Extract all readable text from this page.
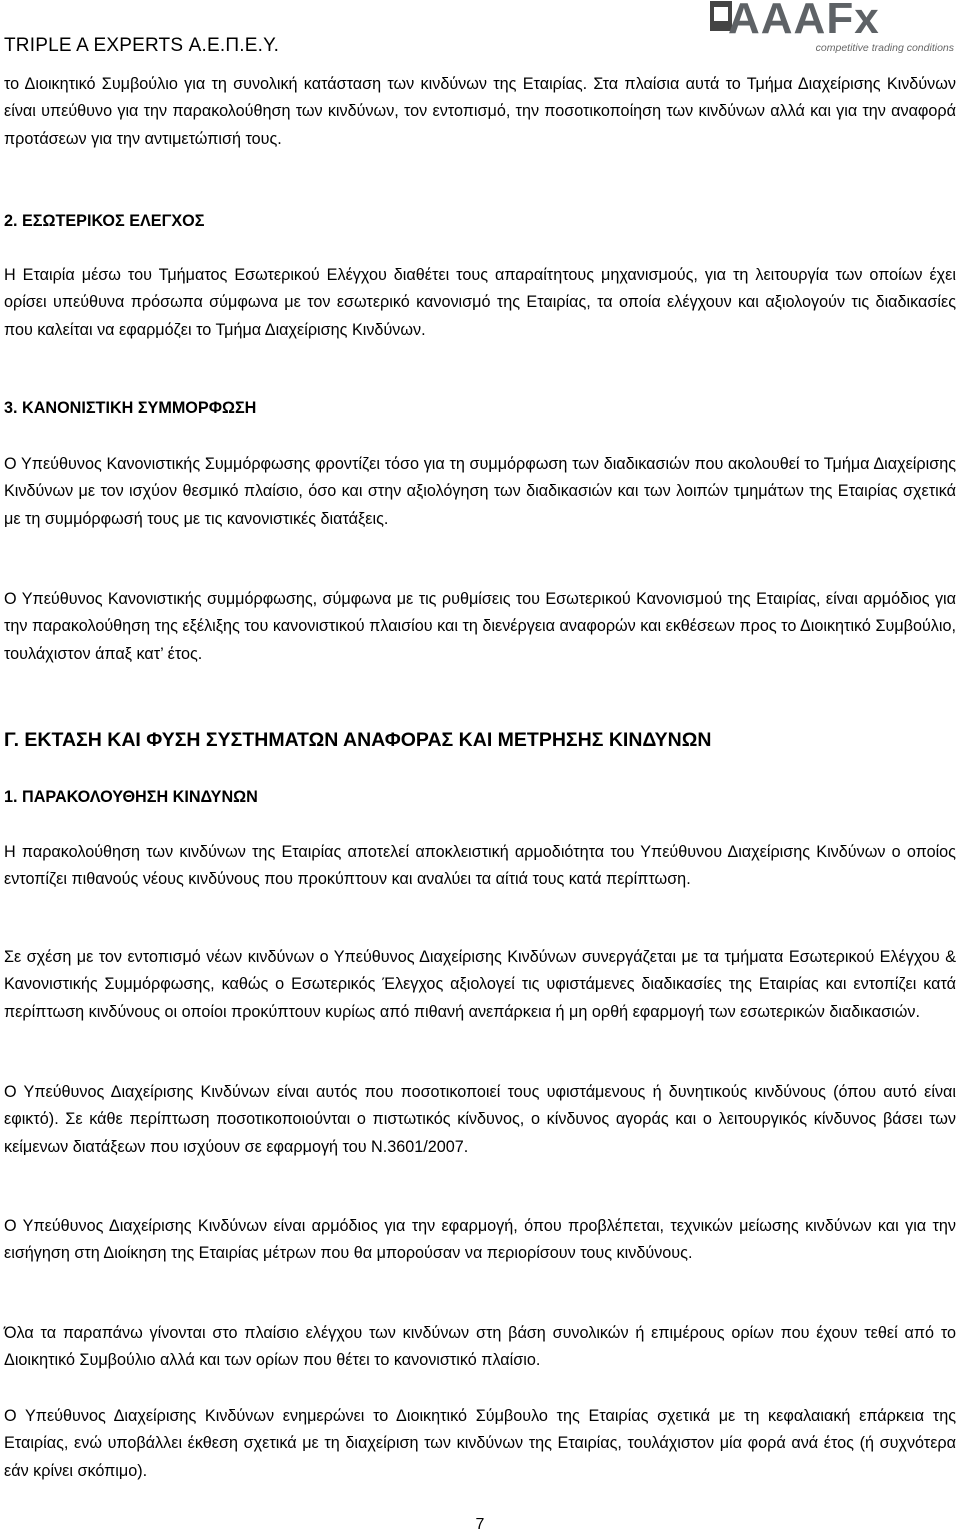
TRIPLE A EXPERTS Α.Ε.Π.Ε.Υ.
AAAFx
competitive trading conditions
το Διοικητικό Συμβούλιο για τη συνολική κατάσταση των κινδύνων της Εταιρίας. Στα πλαίσια αυτά το Τμήμα Διαχείρισης Κινδύνων είναι υπεύθυνο για την παρακολούθηση των κινδύνων, τον εντοπισμό, την ποσοτικοποίηση των κινδύνων αλλά και για την αναφορά προτάσεων για την αντιμετώπισή τους.
2. ΕΣΩΤΕΡΙΚΟΣ ΕΛΕΓΧΟΣ
Η Εταιρία μέσω του Τμήματος Εσωτερικού Ελέγχου διαθέτει τους απαραίτητους μηχανισμούς, για τη λειτουργία των οποίων έχει ορίσει υπεύθυνα πρόσωπα σύμφωνα με τον εσωτερικό κανονισμό της Εταιρίας, τα οποία ελέγχουν και αξιολογούν τις διαδικασίες που καλείται να εφαρμόζει το Τμήμα Διαχείρισης Κινδύνων.
3. ΚΑΝΟΝΙΣΤΙΚΗ ΣΥΜΜΟΡΦΩΣΗ
Ο Υπεύθυνος Κανονιστικής Συμμόρφωσης φροντίζει τόσο για τη συμμόρφωση των διαδικασιών που ακολουθεί το Τμήμα Διαχείρισης Κινδύνων με τον ισχύον θεσμικό πλαίσιο, όσο και στην αξιολόγηση των διαδικασιών και των λοιπών τμημάτων της Εταιρίας σχετικά με τη συμμόρφωσή τους με τις κανονιστικές διατάξεις.
Ο Υπεύθυνος Κανονιστικής συμμόρφωσης, σύμφωνα με τις ρυθμίσεις του Εσωτερικού Κανονισμού της Εταιρίας, είναι αρμόδιος για την παρακολούθηση της εξέλιξης του κανονιστικού πλαισίου και τη διενέργεια αναφορών και εκθέσεων προς το Διοικητικό Συμβούλιο, τουλάχιστον άπαξ κατ’ έτος.
Γ. ΕΚΤΑΣΗ ΚΑΙ ΦΥΣΗ ΣΥΣΤΗΜΑΤΩΝ ΑΝΑΦΟΡΑΣ ΚΑΙ ΜΕΤΡΗΣΗΣ ΚΙΝΔΥΝΩΝ
1. ΠΑΡΑΚΟΛΟΥΘΗΣΗ ΚΙΝΔΥΝΩΝ
Η παρακολούθηση των κινδύνων της Εταιρίας αποτελεί αποκλειστική αρμοδιότητα του Υπεύθυνου Διαχείρισης Κινδύνων ο οποίος εντοπίζει πιθανούς νέους κινδύνους που προκύπτουν και αναλύει τα αίτιά τους κατά περίπτωση.
Σε σχέση με τον εντοπισμό νέων κινδύνων ο Υπεύθυνος Διαχείρισης Κινδύνων συνεργάζεται με τα τμήματα Εσωτερικού Ελέγχου & Κανονιστικής Συμμόρφωσης, καθώς ο Εσωτερικός Έλεγχος αξιολογεί τις υφιστάμενες διαδικασίες της Εταιρίας και εντοπίζει κατά περίπτωση κινδύνους οι οποίοι προκύπτουν κυρίως από πιθανή ανεπάρκεια ή μη ορθή εφαρμογή των εσωτερικών διαδικασιών.
Ο Υπεύθυνος Διαχείρισης Κινδύνων είναι αυτός που ποσοτικοποιεί τους υφιστάμενους ή δυνητικούς κινδύνους (όπου αυτό είναι εφικτό). Σε κάθε περίπτωση ποσοτικοποιούνται ο πιστωτικός κίνδυνος, ο κίνδυνος αγοράς και ο λειτουργικός κίνδυνος βάσει των κείμενων διατάξεων που ισχύουν σε εφαρμογή του Ν.3601/2007.
Ο Υπεύθυνος Διαχείρισης Κινδύνων είναι αρμόδιος για την εφαρμογή, όπου προβλέπεται, τεχνικών μείωσης κινδύνων και για την εισήγηση στη Διοίκηση της Εταιρίας μέτρων που θα μπορούσαν να περιορίσουν τους κινδύνους.
Όλα τα παραπάνω γίνονται στο πλαίσιο ελέγχου των κινδύνων στη βάση συνολικών ή επιμέρους ορίων που έχουν τεθεί από το Διοικητικό Συμβούλιο αλλά και των ορίων που θέτει το κανονιστικό πλαίσιο.
Ο Υπεύθυνος Διαχείρισης Κινδύνων ενημερώνει το Διοικητικό Σύμβουλο της Εταιρίας σχετικά με τη κεφαλαιακή επάρκεια της Εταιρίας, ενώ υποβάλλει έκθεση σχετικά με τη διαχείριση των κινδύνων της Εταιρίας, τουλάχιστον μία φορά ανά έτος (ή συχνότερα εάν κρίνει σκόπιμο).
7
